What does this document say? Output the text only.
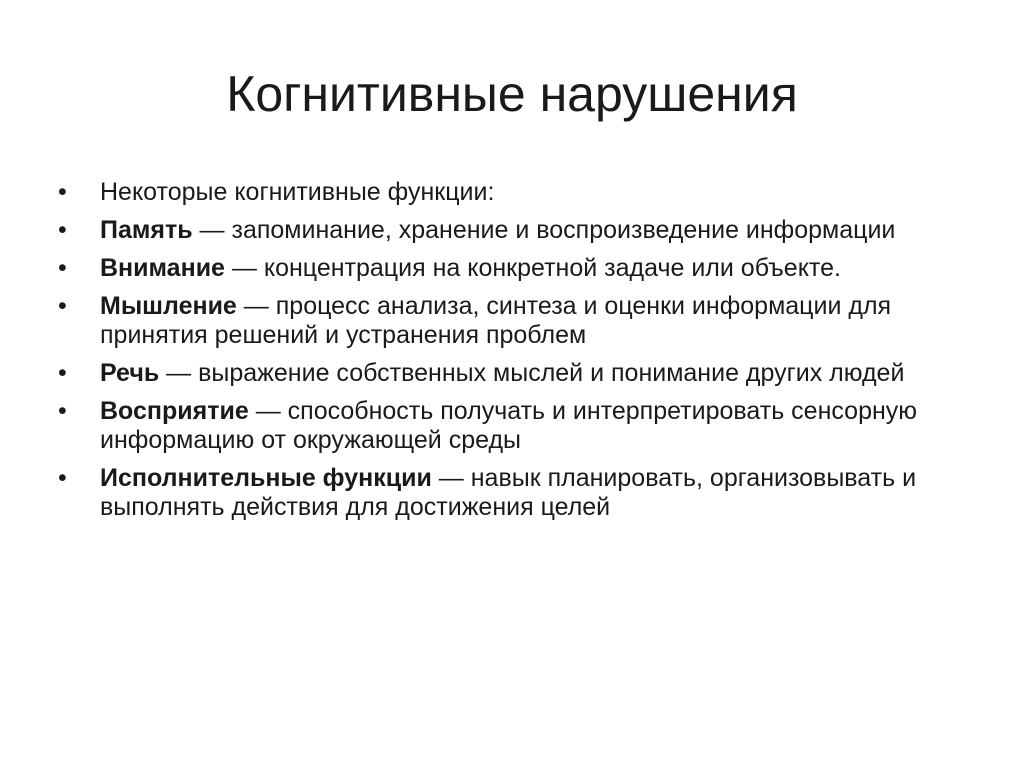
Когнитивные нарушения
•	Некоторые когнитивные функции:
•	Память — запоминание, хранение и воспроизведение информации
•	Внимание — концентрация на конкретной задаче или объекте.
•	Мышление — процесс анализа, синтеза и оценки информации для принятия решений и устранения проблем
•	Речь — выражение собственных мыслей и понимание других людей
•	Восприятие — способность получать и интерпретировать сенсорную информацию от окружающей среды
•	Исполнительные функции — навык планировать, организовывать и выполнять действия для достижения целей
